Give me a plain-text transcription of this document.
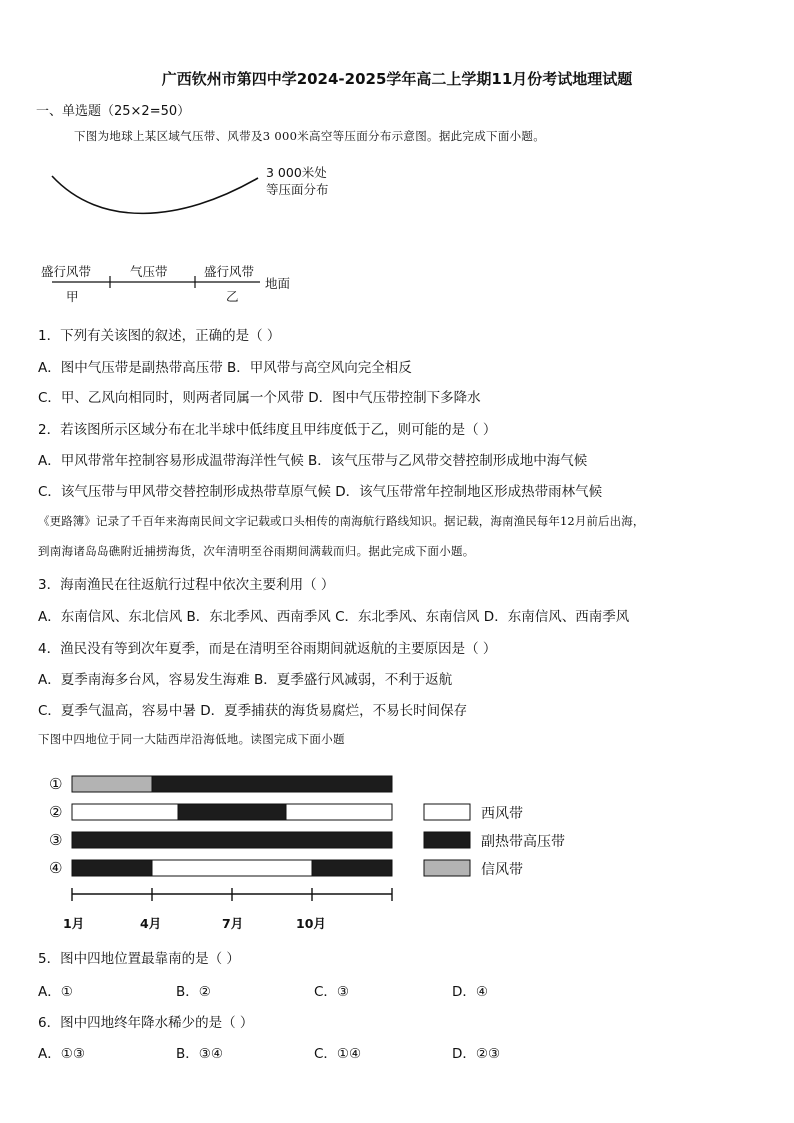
广西钦州市第四中学2024-2025学年高二上学期11月份考试地理试题
一、单选题（25×2=50）
下图为地球上某区域气压带、风带及3 000米高空等压面分布示意图。据此完成下面小题。
3 000米处
等压面分布
盛行风带	气压带	盛行风带
甲	乙
地面
1．下列有关该图的叙述，正确的是（ ）
A．图中气压带是副热带高压带 B．甲风带与高空风向完全相反
C．甲、乙风向相同时，则两者同属一个风带 D．图中气压带控制下多降水
2．若该图所示区域分布在北半球中低纬度且甲纬度低于乙，则可能的是（ ）
A．甲风带常年控制容易形成温带海洋性气候 B．该气压带与乙风带交替控制形成地中海气候
C．该气压带与甲风带交替控制形成热带草原气候 D．该气压带常年控制地区形成热带雨林气候
《更路簿》记录了千百年来海南民间文字记载或口头相传的南海航行路线知识。据记载，海南渔民每年12月前后出海，
到南海诸岛岛礁附近捕捞海货，次年清明至谷雨期间满载而归。据此完成下面小题。
3．海南渔民在往返航行过程中依次主要利用（ ）
A．东南信风、东北信风 B．东北季风、西南季风 C．东北季风、东南信风 D．东南信风、西南季风
4．渔民没有等到次年夏季，而是在清明至谷雨期间就返航的主要原因是（ ）
A．夏季南海多台风，容易发生海难 B．夏季盛行风减弱，不利于返航
C．夏季气温高，容易中暑 D．夏季捕获的海货易腐烂，不易长时间保存
下图中四地位于同一大陆西岸沿海低地。读图完成下面小题
①
②
③
④
西风带
副热带高压带
信风带
1月	4月	7月	10月
5．图中四地位置最靠南的是（ ）
A．①	B．②	C．③	D．④
6．图中四地终年降水稀少的是（ ）
A．①③	B．③④	C．①④	D．②③
